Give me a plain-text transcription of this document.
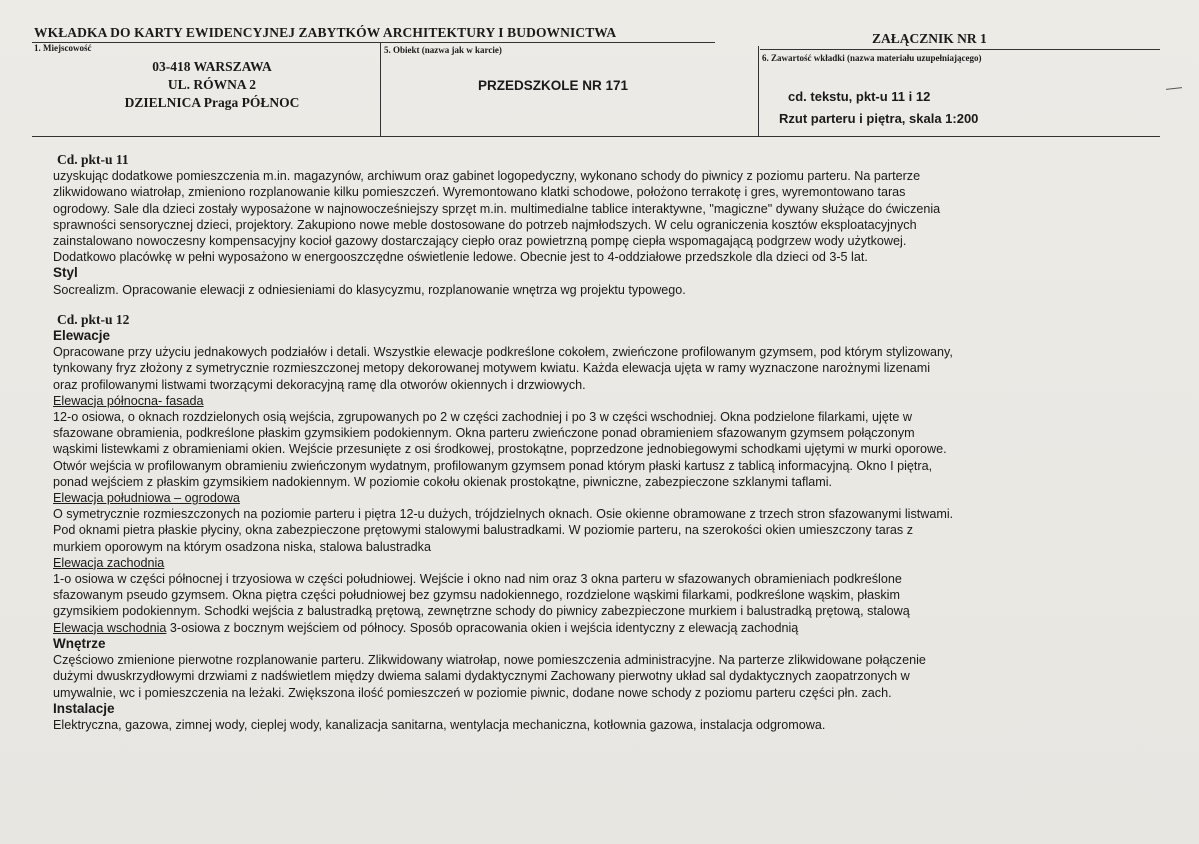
WKŁADKA DO KARTY EWIDENCYJNEJ ZABYTKÓW ARCHITEKTURY I BUDOWNICTWA	ZAŁĄCZNIK NR 1
1. Miejscowość
03-418 WARSZAWA
UL. RÓWNA 2
DZIELNICA Praga PÓŁNOC
5. Obiekt (nazwa jak w karcie)
PRZEDSZKOLE NR 171
6. Zawartość wkładki (nazwa materiału uzupełniającego)
cd. tekstu, pkt-u 11 i 12
Rzut parteru i piętra, skala 1:200

Cd. pkt-u 11

uzyskując dodatkowe pomieszczenia m.in. magazynów, archiwum oraz gabinet logopedyczny, wykonano schody do piwnicy z poziomu parteru. Na parterze

zlikwidowano wiatrołap, zmieniono rozplanowanie kilku pomieszczeń. Wyremontowano klatki schodowe, położono terrakotę i gres, wyremontowano taras

ogrodowy. Sale dla dzieci zostały wyposażone w najnowocześniejszy sprzęt m.in. multimedialne tablice interaktywne, "magiczne" dywany służące do ćwiczenia

sprawności sensorycznej dzieci, projektory. Zakupiono nowe meble dostosowane do potrzeb najmłodszych. W celu ograniczenia kosztów eksploatacyjnych

zainstalowano nowoczesny kompensacyjny kocioł gazowy dostarczający ciepło oraz powietrzną pompę ciepła wspomagającą podgrzew wody użytkowej.

Dodatkowo placówkę w pełni wyposażono w energooszczędne oświetlenie ledowe. Obecnie jest to 4-oddziałowe przedszkole dla dzieci od 3-5 lat.

Styl

Socrealizm. Opracowanie elewacji z odniesieniami do klasycyzmu, rozplanowanie wnętrza wg projektu typowego.

Cd. pkt-u 12

Elewacje

Opracowane przy użyciu jednakowych podziałów i detali. Wszystkie elewacje podkreślone cokołem, zwieńczone profilowanym gzymsem, pod którym stylizowany,

tynkowany fryz złożony z symetrycznie rozmieszczonej metopy dekorowanej motywem kwiatu. Każda elewacja ujęta w ramy wyznaczone narożnymi lizenami

oraz profilowanymi listwami tworzącymi dekoracyjną ramę dla otworów okiennych i drzwiowych.

Elewacja północna- fasada

12-o osiowa, o oknach rozdzielonych osią wejścia, zgrupowanych po 2 w części zachodniej i po 3 w części wschodniej. Okna podzielone filarkami, ujęte w

sfazowane obramienia, podkreślone płaskim gzymsikiem podokiennym. Okna parteru zwieńczone ponad obramieniem sfazowanym gzymsem połączonym

wąskimi listewkami z obramieniami okien. Wejście przesunięte z osi środkowej, prostokątne, poprzedzone jednobiegowymi schodkami ujętymi w murki oporowe.

Otwór wejścia w profilowanym obramieniu zwieńczonym wydatnym, profilowanym gzymsem ponad którym płaski kartusz z tablicą informacyjną. Okno I piętra,

ponad wejściem z płaskim gzymsikiem nadokiennym. W poziomie cokołu okienak prostokątne, piwniczne, zabezpieczone szklanymi taflami.

Elewacja południowa – ogrodowa

O symetrycznie rozmieszczonych na poziomie parteru i piętra 12-u dużych, trójdzielnych oknach. Osie okienne obramowane z trzech stron sfazowanymi listwami.

Pod oknami pietra płaskie płyciny, okna zabezpieczone prętowymi stalowymi balustradkami. W poziomie parteru, na szerokości okien umieszczony taras z

murkiem oporowym na którym osadzona niska, stalowa balustradka

Elewacja zachodnia

1-o osiowa w części północnej i trzyosiowa w części południowej. Wejście i okno nad nim oraz 3 okna parteru w sfazowanych obramieniach podkreślone

sfazowanym pseudo gzymsem. Okna piętra części południowej bez gzymsu nadokiennego, rozdzielone wąskimi filarkami, podkreślone wąskim, płaskim

gzymsikiem podokiennym. Schodki wejścia z balustradką prętową, zewnętrzne schody do piwnicy zabezpieczone murkiem i balustradką prętową, stalową

Elewacja wschodnia 3-osiowa z bocznym wejściem od północy. Sposób opracowania okien i wejścia identyczny z elewacją zachodnią

Wnętrze

Częściowo zmienione pierwotne rozplanowanie parteru. Zlikwidowany wiatrołap, nowe pomieszczenia administracyjne. Na parterze zlikwidowane połączenie

dużymi dwuskrzydłowymi drzwiami z nadświetlem między dwiema salami dydaktycznymi Zachowany pierwotny układ sal dydaktycznych zaopatrzonych w

umywalnie, wc i pomieszczenia na leżaki. Zwiększona ilość pomieszczeń w poziomie piwnic, dodane nowe schody z poziomu parteru części płn. zach.

Instalacje

Elektryczna, gazowa, zimnej wody, cieplej wody, kanalizacja sanitarna, wentylacja mechaniczna, kotłownia gazowa, instalacja odgromowa.
